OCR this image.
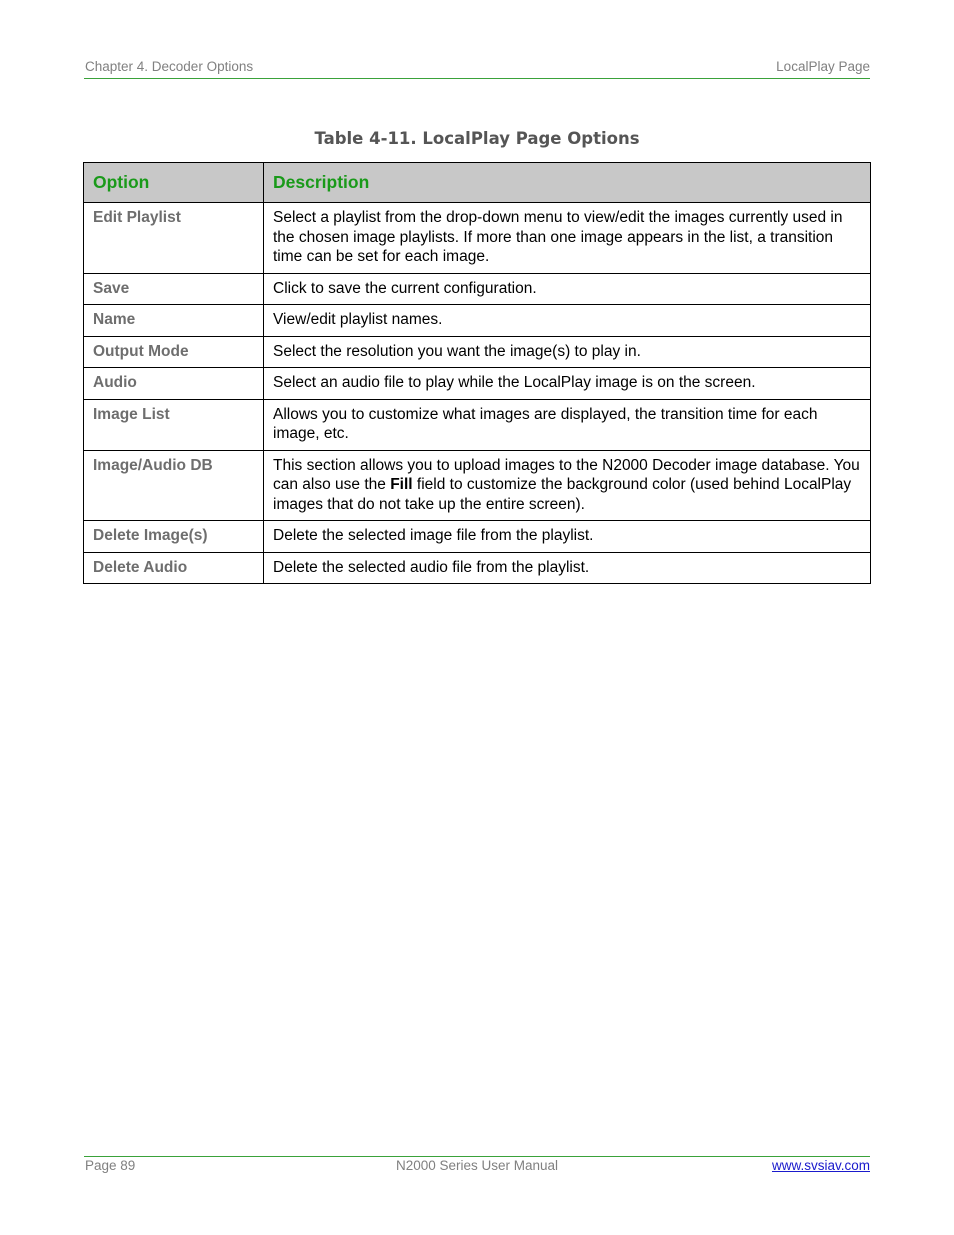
Chapter 4. Decoder Options	LocalPlay Page
Table 4-11. LocalPlay Page Options
Option	Description
Edit Playlist	Select a playlist from the drop-down menu to view/edit the images currently used in the chosen image playlists. If more than one image appears in the list, a transition time can be set for each image.
Save	Click to save the current configuration.
Name	View/edit playlist names.
Output Mode	Select the resolution you want the image(s) to play in.
Audio	Select an audio file to play while the LocalPlay image is on the screen.
Image List	Allows you to customize what images are displayed, the transition time for each image, etc.
Image/Audio DB	This section allows you to upload images to the N2000 Decoder image database. You can also use the Fill field to customize the background color (used behind LocalPlay images that do not take up the entire screen).
Delete Image(s)	Delete the selected image file from the playlist.
Delete Audio	Delete the selected audio file from the playlist.
Page 89	N2000 Series User Manual	www.svsiav.com
